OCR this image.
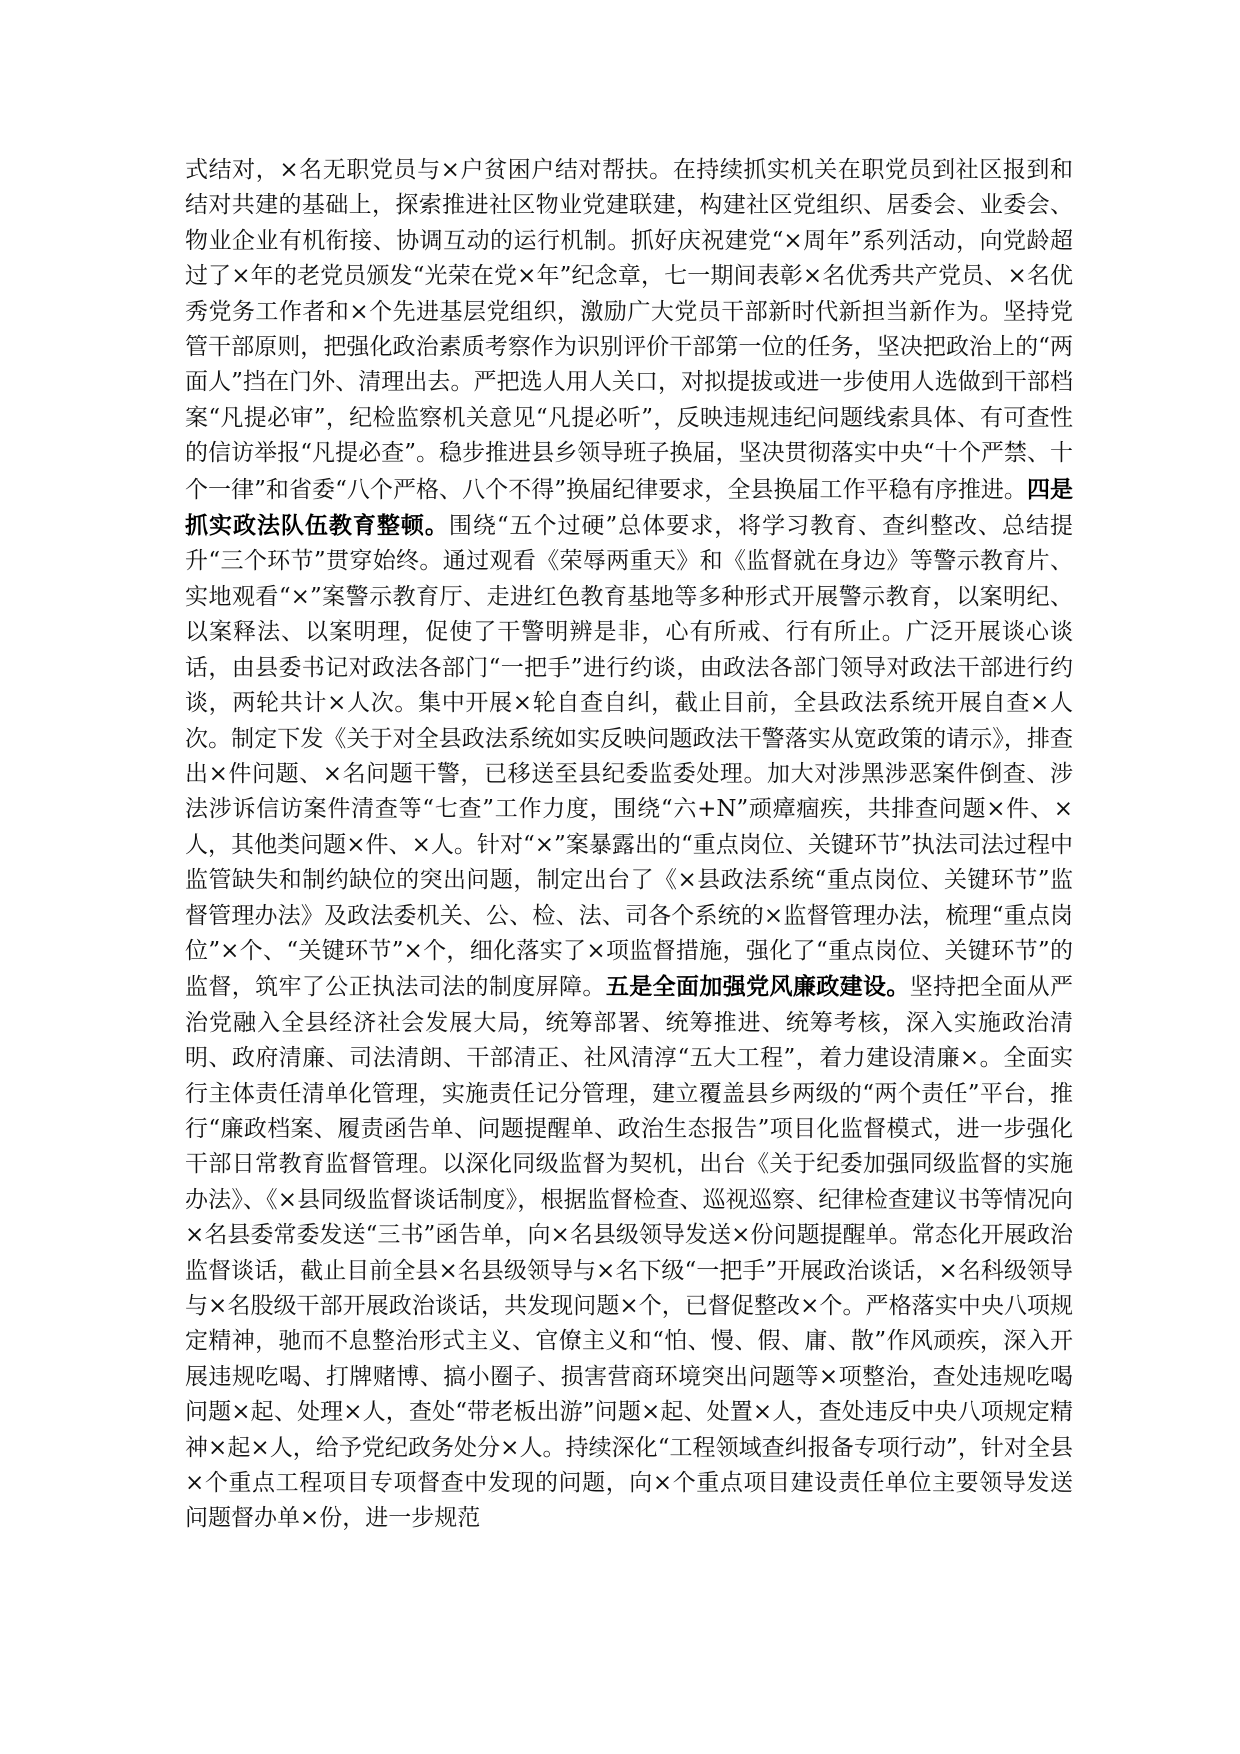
式结对，×名无职党员与×户贫困户结对帮扶。在持续抓实机关在职党员到社区报到和结对共建的基础上，探索推进社区物业党建联建，构建社区党组织、居委会、业委会、物业企业有机衔接、协调互动的运行机制。抓好庆祝建党“×周年”系列活动，向党龄超过了×年的老党员颁发“光荣在党×年”纪念章，七一期间表彰×名优秀共产党员、×名优秀党务工作者和×个先进基层党组织，激励广大党员干部新时代新担当新作为。坚持党管干部原则，把强化政治素质考察作为识别评价干部第一位的任务，坚决把政治上的“两面人”挡在门外、清理出去。严把选人用人关口，对拟提拔或进一步使用人选做到干部档案“凡提必审”，纪检监察机关意见“凡提必听”，反映违规违纪问题线索具体、有可查性的信访举报“凡提必查”。稳步推进县乡领导班子换届，坚决贯彻落实中央“十个严禁、十个一律”和省委“八个严格、八个不得”换届纪律要求，全县换届工作平稳有序推进。四是抓实政法队伍教育整顿。围绕“五个过硬”总体要求，将学习教育、查纠整改、总结提升“三个环节”贯穿始终。通过观看《荣辱两重天》和《监督就在身边》等警示教育片、实地观看“×”案警示教育厅、走进红色教育基地等多种形式开展警示教育，以案明纪、以案释法、以案明理，促使了干警明辨是非，心有所戒、行有所止。广泛开展谈心谈话，由县委书记对政法各部门“一把手”进行约谈，由政法各部门领导对政法干部进行约谈，两轮共计×人次。集中开展×轮自查自纠，截止目前，全县政法系统开展自查×人次。制定下发《关于对全县政法系统如实反映问题政法干警落实从宽政策的请示》，排查出×件问题、×名问题干警，已移送至县纪委监委处理。加大对涉黑涉恶案件倒查、涉法涉诉信访案件清查等“七查”工作力度，围绕“六+N”顽瘴痼疾，共排查问题×件、×人，其他类问题×件、×人。针对“×”案暴露出的“重点岗位、关键环节”执法司法过程中监管缺失和制约缺位的突出问题，制定出台了《×县政法系统“重点岗位、关键环节”监督管理办法》及政法委机关、公、检、法、司各个系统的×监督管理办法，梳理“重点岗位”×个、“关键环节”×个，细化落实了×项监督措施，强化了“重点岗位、关键环节”的监督，筑牢了公正执法司法的制度屏障。五是全面加强党风廉政建设。坚持把全面从严治党融入全县经济社会发展大局，统筹部署、统筹推进、统筹考核，深入实施政治清明、政府清廉、司法清朗、干部清正、社风清淳“五大工程”，着力建设清廉×。全面实行主体责任清单化管理，实施责任记分管理，建立覆盖县乡两级的“两个责任”平台，推行“廉政档案、履责函告单、问题提醒单、政治生态报告”项目化监督模式，进一步强化干部日常教育监督管理。以深化同级监督为契机，出台《关于纪委加强同级监督的实施办法》、《×县同级监督谈话制度》，根据监督检查、巡视巡察、纪律检查建议书等情况向×名县委常委发送“三书”函告单，向×名县级领导发送×份问题提醒单。常态化开展政治监督谈话，截止目前全县×名县级领导与×名下级“一把手”开展政治谈话，×名科级领导与×名股级干部开展政治谈话，共发现问题×个，已督促整改×个。严格落实中央八项规定精神，驰而不息整治形式主义、官僚主义和“怕、慢、假、庸、散”作风顽疾，深入开展违规吃喝、打牌赌博、搞小圈子、损害营商环境突出问题等×项整治，查处违规吃喝问题×起、处理×人，查处“带老板出游”问题×起、处置×人，查处违反中央八项规定精神×起×人，给予党纪政务处分×人。持续深化“工程领域查纠报备专项行动”，针对全县×个重点工程项目专项督查中发现的问题，向×个重点项目建设责任单位主要领导发送问题督办单×份，进一步规范
